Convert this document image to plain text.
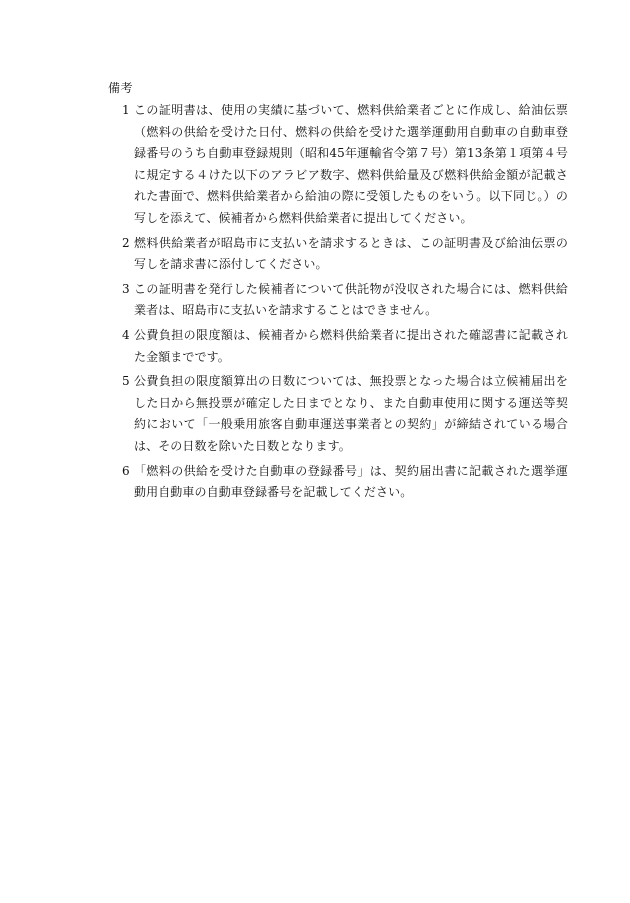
備考
1 この証明書は、使用の実績に基づいて、燃料供給業者ごとに作成し、給油伝票（燃料の供給を受けた日付、燃料の供給を受けた選挙運動用自動車の自動車登録番号のうち自動車登録規則（昭和45年運輸省令第７号）第13条第１項第４号に規定する４けた以下のアラビア数字、燃料供給量及び燃料供給金額が記載された書面で、燃料供給業者から給油の際に受領したものをいう。以下同じ。）の写しを添えて、候補者から燃料供給業者に提出してください。
2 燃料供給業者が昭島市に支払いを請求するときは、この証明書及び給油伝票の写しを請求書に添付してください。
3 この証明書を発行した候補者について供託物が没収された場合には、燃料供給業者は、昭島市に支払いを請求することはできません。
4 公費負担の限度額は、候補者から燃料供給業者に提出された確認書に記載された金額までです。
5 公費負担の限度額算出の日数については、無投票となった場合は立候補届出をした日から無投票が確定した日までとなり、また自動車使用に関する運送等契約において「一般乗用旅客自動車運送事業者との契約」が締結されている場合は、その日数を除いた日数となります。
6 「燃料の供給を受けた自動車の登録番号」は、契約届出書に記載された選挙運動用自動車の自動車登録番号を記載してください。
